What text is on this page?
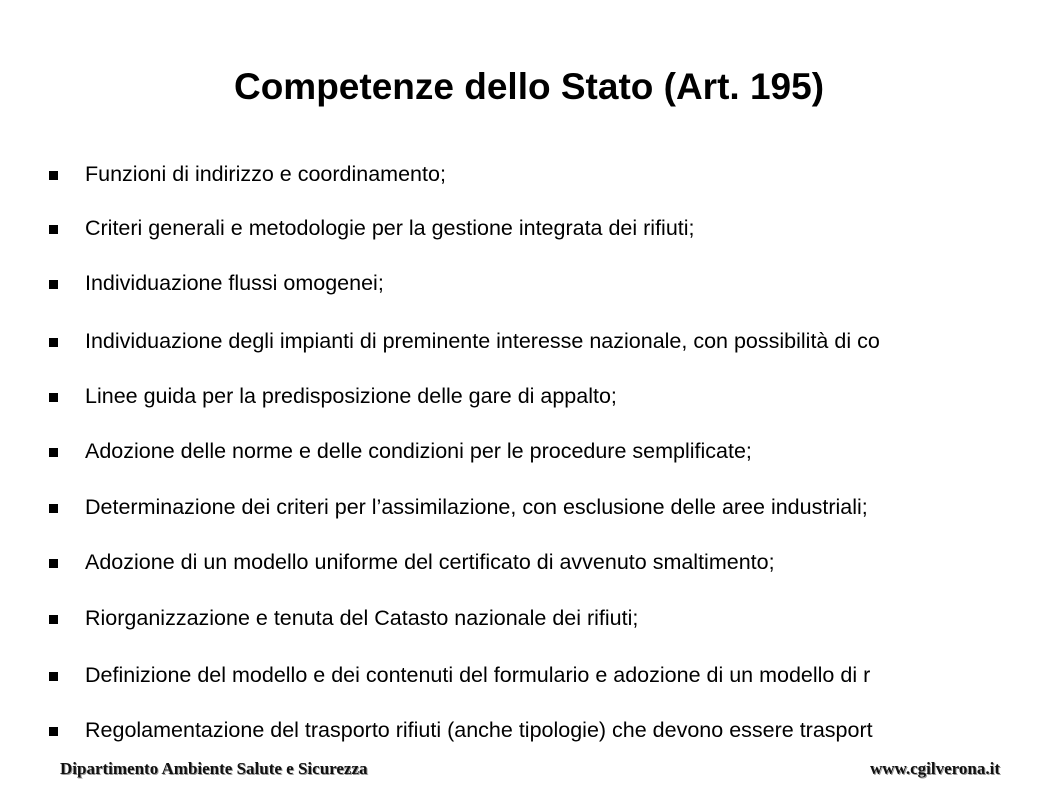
Competenze dello Stato (Art. 195)
Funzioni di indirizzo e coordinamento;
Criteri generali e metodologie per la gestione integrata dei rifiuti;
Individuazione flussi omogenei;
Individuazione degli impianti di preminente interesse nazionale, con possibilità di co
Linee guida per la predisposizione delle gare di appalto;
Adozione delle norme e delle condizioni per le procedure semplificate;
Determinazione dei criteri per l’assimilazione, con esclusione delle aree industriali;
Adozione di un modello uniforme del certificato di avvenuto smaltimento;
Riorganizzazione e tenuta del Catasto nazionale dei rifiuti;
Definizione del modello e dei contenuti del formulario e adozione di un modello di r
Regolamentazione del trasporto rifiuti (anche tipologie) che devono essere trasport
Dipartimento Ambiente Salute e Sicurezza	www.cgilverona.it
